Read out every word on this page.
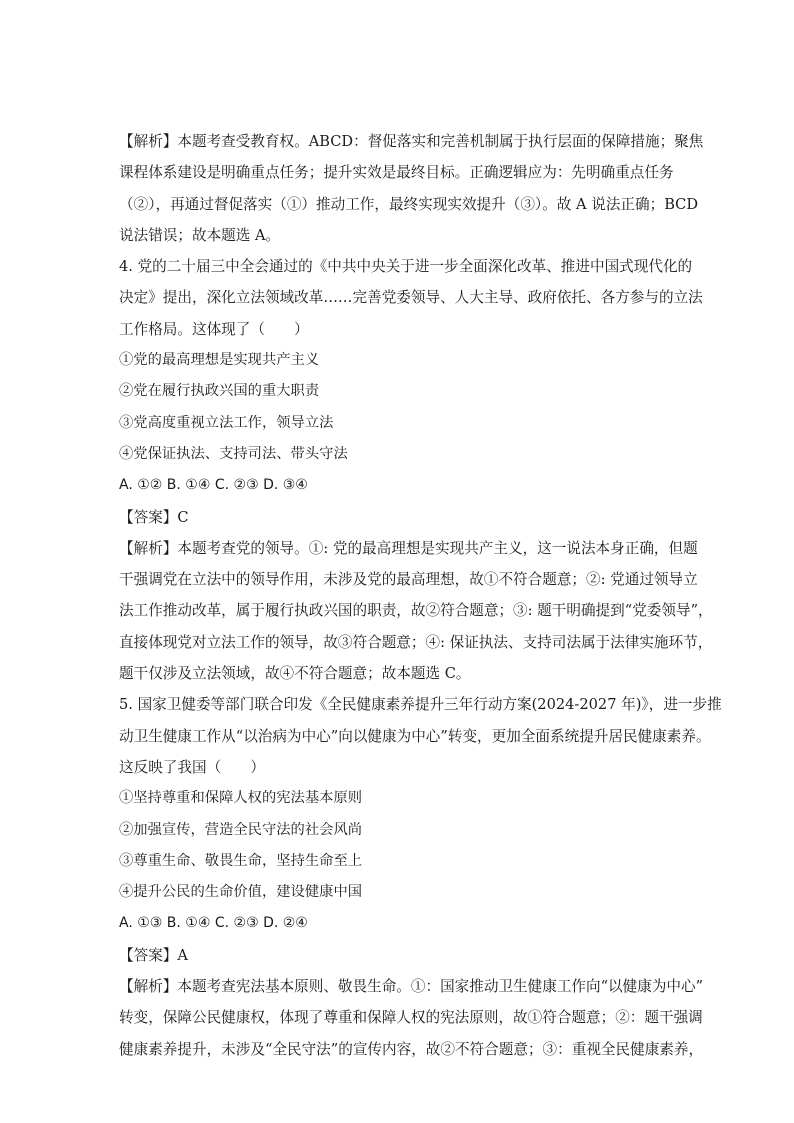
【解析】本题考查受教育权。ABCD：督促落实和完善机制属于执行层面的保障措施；聚焦
课程体系建设是明确重点任务；提升实效是最终目标。正确逻辑应为：先明确重点任务
（②），再通过督促落实（①）推动工作，最终实现实效提升（③）。故 A 说法正确；BCD
说法错误；故本题选 A。
4. 党的二十届三中全会通过的《中共中央关于进一步全面深化改革、推进中国式现代化的
决定》提出，深化立法领域改革……完善党委领导、人大主导、政府依托、各方参与的立法
工作格局。这体现了（　　）
①党的最高理想是实现共产主义
②党在履行执政兴国的重大职责
③党高度重视立法工作，领导立法
④党保证执法、支持司法、带头守法
A. ①② B. ①④ C. ②③ D. ③④
【答案】C
【解析】本题考查党的领导。①: 党的最高理想是实现共产主义，这一说法本身正确，但题
干强调党在立法中的领导作用，未涉及党的最高理想，故①不符合题意；②: 党通过领导立
法工作推动改革，属于履行执政兴国的职责，故②符合题意；③: 题干明确提到“党委领导”，
直接体现党对立法工作的领导，故③符合题意；④: 保证执法、支持司法属于法律实施环节，
题干仅涉及立法领域，故④不符合题意；故本题选 C。
5. 国家卫健委等部门联合印发《全民健康素养提升三年行动方案(2024-2027 年)》，进一步推
动卫生健康工作从“以治病为中心”向以健康为中心”转变，更加全面系统提升居民健康素养。
这反映了我国（　　）
①坚持尊重和保障人权的宪法基本原则
②加强宣传，营造全民守法的社会风尚
③尊重生命、敬畏生命，坚持生命至上
④提升公民的生命价值，建设健康中国
A. ①③ B. ①④ C. ②③ D. ②④
【答案】A
【解析】本题考查宪法基本原则、敬畏生命。①：国家推动卫生健康工作向“以健康为中心”
转变，保障公民健康权，体现了尊重和保障人权的宪法原则，故①符合题意；②：题干强调
健康素养提升，未涉及“全民守法”的宣传内容，故②不符合题意；③：重视全民健康素养，
